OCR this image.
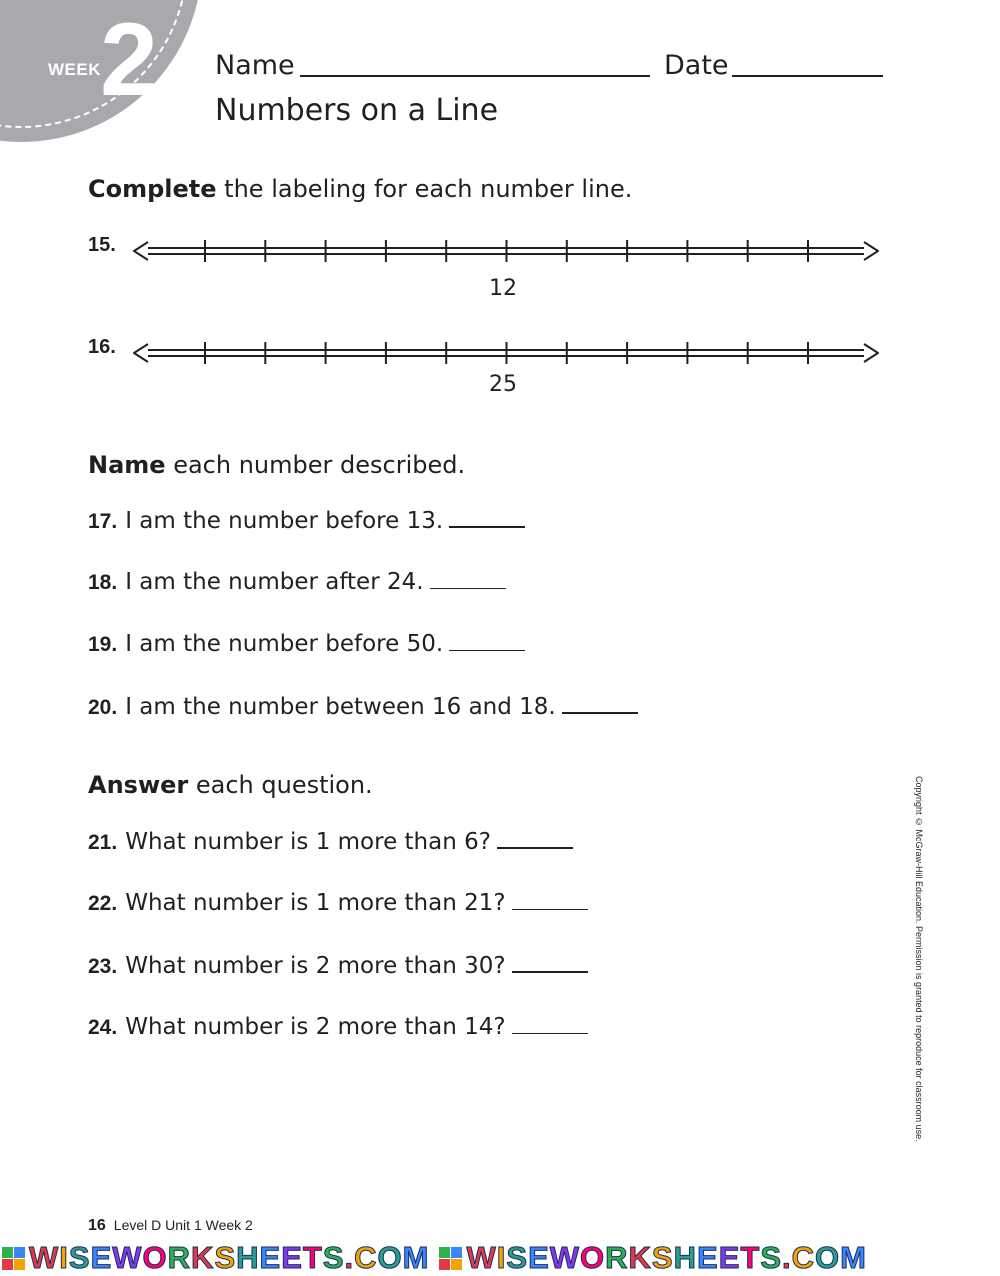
WEEK 2 Name	Date
Numbers on a Line
Complete the labeling for each number line.
15.
12
16.
25
Name each number described.
17. I am the number before 13.
18. I am the number after 24.
19. I am the number before 50.
20. I am the number between 16 and 18.
Answer each question.
21. What number is 1 more than 6?
22. What number is 1 more than 21?
23. What number is 2 more than 30?
24. What number is 2 more than 14?	Copyright © McGraw-Hill Education. Permission is granted to reproduce for classroom use.
16 Level D Unit 1 Week 2
WISEWORKSHEETS.COM WISEWORKSHEETS.COM
